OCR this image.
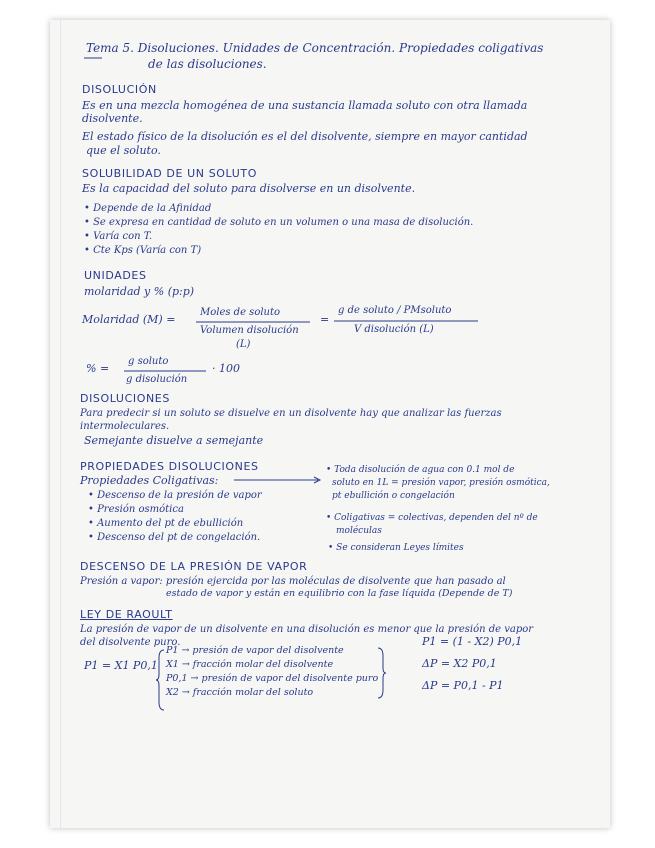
Tema 5. Disoluciones. Unidades de Concentración. Propiedades coligativas
de las disoluciones.
DISOLUCIÓN
Es en una mezcla homogénea de una sustancia llamada soluto con otra llamada
disolvente.
El estado físico de la disolución es el del disolvente, siempre en mayor cantidad
que el soluto.
SOLUBILIDAD DE UN SOLUTO
Es la capacidad del soluto para disolverse en un disolvente.
• Depende de la Afinidad
• Se expresa en cantidad de soluto en un volumen o una masa de disolución.
• Varía con T.
• Cte Kps (Varía con T)
UNIDADES
molaridad y % (p:p)
Molaridad (M) =
Moles de soluto
Volumen disolución
(L)
=
g de soluto / PMsoluto
V disolución (L)
% =
g soluto
g disolución
· 100
DISOLUCIONES
Para predecir si un soluto se disuelve en un disolvente hay que analizar las fuerzas
intermoleculares.
Semejante disuelve a semejante
PROPIEDADES DISOLUCIONES
Propiedades Coligativas:
• Descenso de la presión de vapor
• Presión osmótica
• Aumento del pt de ebullición
• Descenso del pt de congelación.
• Toda disolución de agua con 0.1 mol de
soluto en 1L = presión vapor, presión osmótica,
pt ebullición o congelación
• Coligativas = colectivas, dependen del nº de
moléculas
• Se consideran Leyes límites
DESCENSO DE LA PRESIÓN DE VAPOR
Presión a vapor: presión ejercida por las moléculas de disolvente que han pasado al
estado de vapor y están en equilibrio con la fase líquida (Depende de T)
LEY DE RAOULT
La presión de vapor de un disolvente en una disolución es menor que la presión de vapor
del disolvente puro.
P1 = X1 P0,1
P1 → presión de vapor del disolvente
X1 → fracción molar del disolvente
P0,1 → presión de vapor del disolvente puro
X2 → fracción molar del soluto
P1 = (1 - X2) P0,1
ΔP = X2 P0,1
ΔP = P0,1 - P1
